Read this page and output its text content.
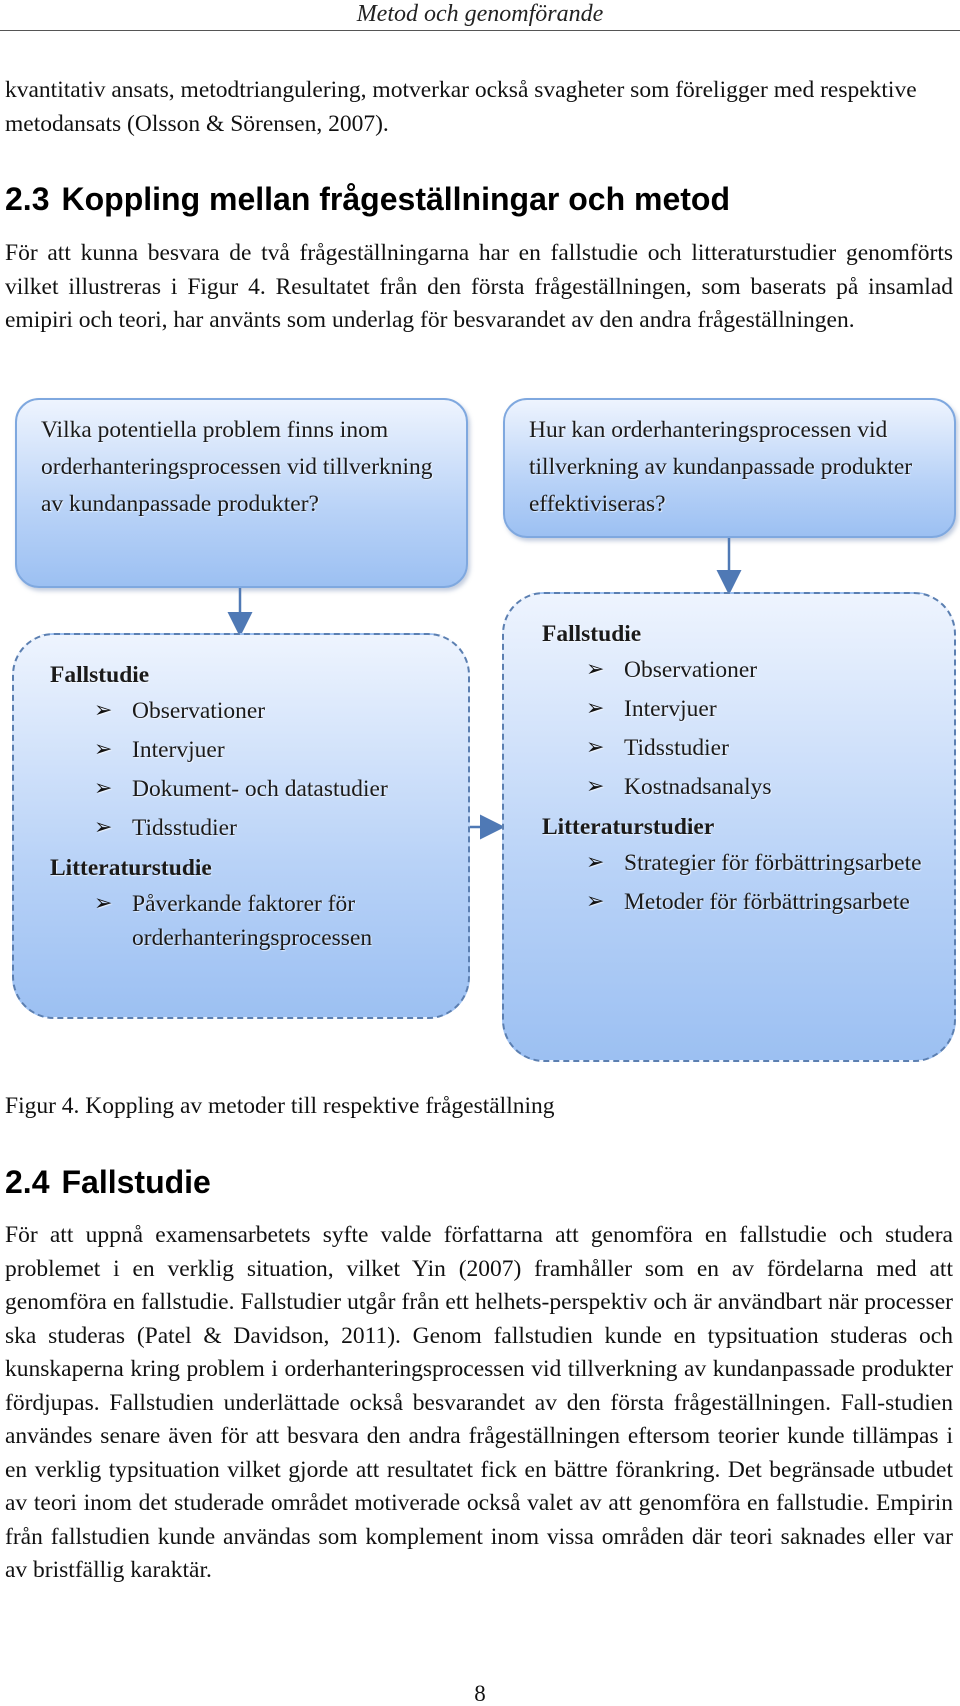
Metod och genomförande

kvantitativ ansats, metodtriangulering, motverkar också svagheter som föreligger med respektive metodansats (Olsson & Sörensen, 2007).

2.3 Koppling mellan frågeställningar och metod

För att kunna besvara de två frågeställningarna har en fallstudie och litteraturstudier genomförts vilket illustreras i Figur 4. Resultatet från den första frågeställningen, som baserats på insamlad emipiri och teori, har använts som underlag för besvarandet av den andra frågeställningen.

Vilka potentiella problem finns inom orderhanteringsprocessen vid tillverkning av kundanpassade produkter?
Hur kan orderhanteringsprocessen vid tillverkning av kundanpassade produkter effektiviseras?
Fallstudie
➢ Observationer
➢ Intervjuer
➢ Dokument- och datastudier
➢ Tidsstudier
Litteraturstudie
➢ Påverkande faktorer för orderhanteringsprocessen
Fallstudie
➢ Observationer
➢ Intervjuer
➢ Tidsstudier
➢ Kostnadsanalys
Litteraturstudier
➢ Strategier för förbättringsarbete
➢ Metoder för förbättringsarbete

Figur 4. Koppling av metoder till respektive frågeställning

2.4 Fallstudie

För att uppnå examensarbetets syfte valde författarna att genomföra en fallstudie och studera problemet i en verklig situation, vilket Yin (2007) framhåller som en av fördelarna med att genomföra en fallstudie. Fallstudier utgår från ett helhets-perspektiv och är användbart när processer ska studeras (Patel & Davidson, 2011). Genom fallstudien kunde en typsituation studeras och kunskaperna kring problem i orderhanteringsprocessen vid tillverkning av kundanpassade produkter fördjupas. Fallstudien underlättade också besvarandet av den första frågeställningen. Fall-studien användes senare även för att besvara den andra frågeställningen eftersom teorier kunde tillämpas i en verklig typsituation vilket gjorde att resultatet fick en bättre förankring. Det begränsade utbudet av teori inom det studerade området motiverade också valet av att genomföra en fallstudie. Empirin från fallstudien kunde användas som komplement inom vissa områden där teori saknades eller var av bristfällig karaktär.

8
